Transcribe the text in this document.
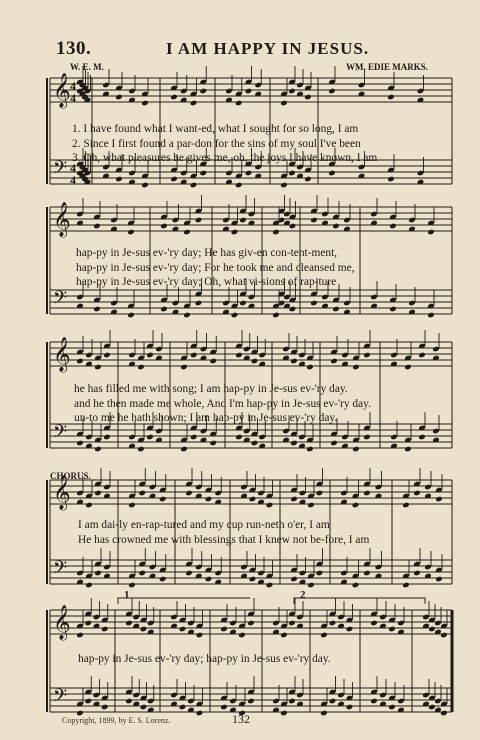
130.	I AM HAPPY IN JESUS.
W. E. M.	WM. EDIE MARKS.
𝄞
𝄢
𝄞
𝄢
𝄞
𝄢
𝄞
𝄢
𝄞
𝄢
4
4
4
4
1. I have found what I want-ed, what I sought for so long, I am
2. Since I first found a par-don for the sins of my soul I've been
3. Oh, what pleasures he gives me, oh, the joys I have known, I am
hap-py in Je-sus ev-'ry day; He has giv-en con-tent-ment,
hap-py in Je-sus ev-'ry day; For he took me and cleansed me,
hap-py in Je-sus ev-'ry day; Oh, what vi-sions of rap-ture
he has filled me with song; I am hap-py in Je-sus ev-'ry day.
and he then made me whole, And I'm hap-py in Je-sus ev-'ry day.
un-to me he hath shown; I am hap-py in Je-sus ev-'ry day.
CHORUS.
I am dai-ly en-rap-tured and my cup run-neth o'er, I am
He has crowned me with blessings that I knew not be-fore, I am
1	2
hap-py in Je-sus ev-'ry day; hap-py in Je-sus ev-'ry day.
Copyright, 1899, by E. S. Lorenz.	132
